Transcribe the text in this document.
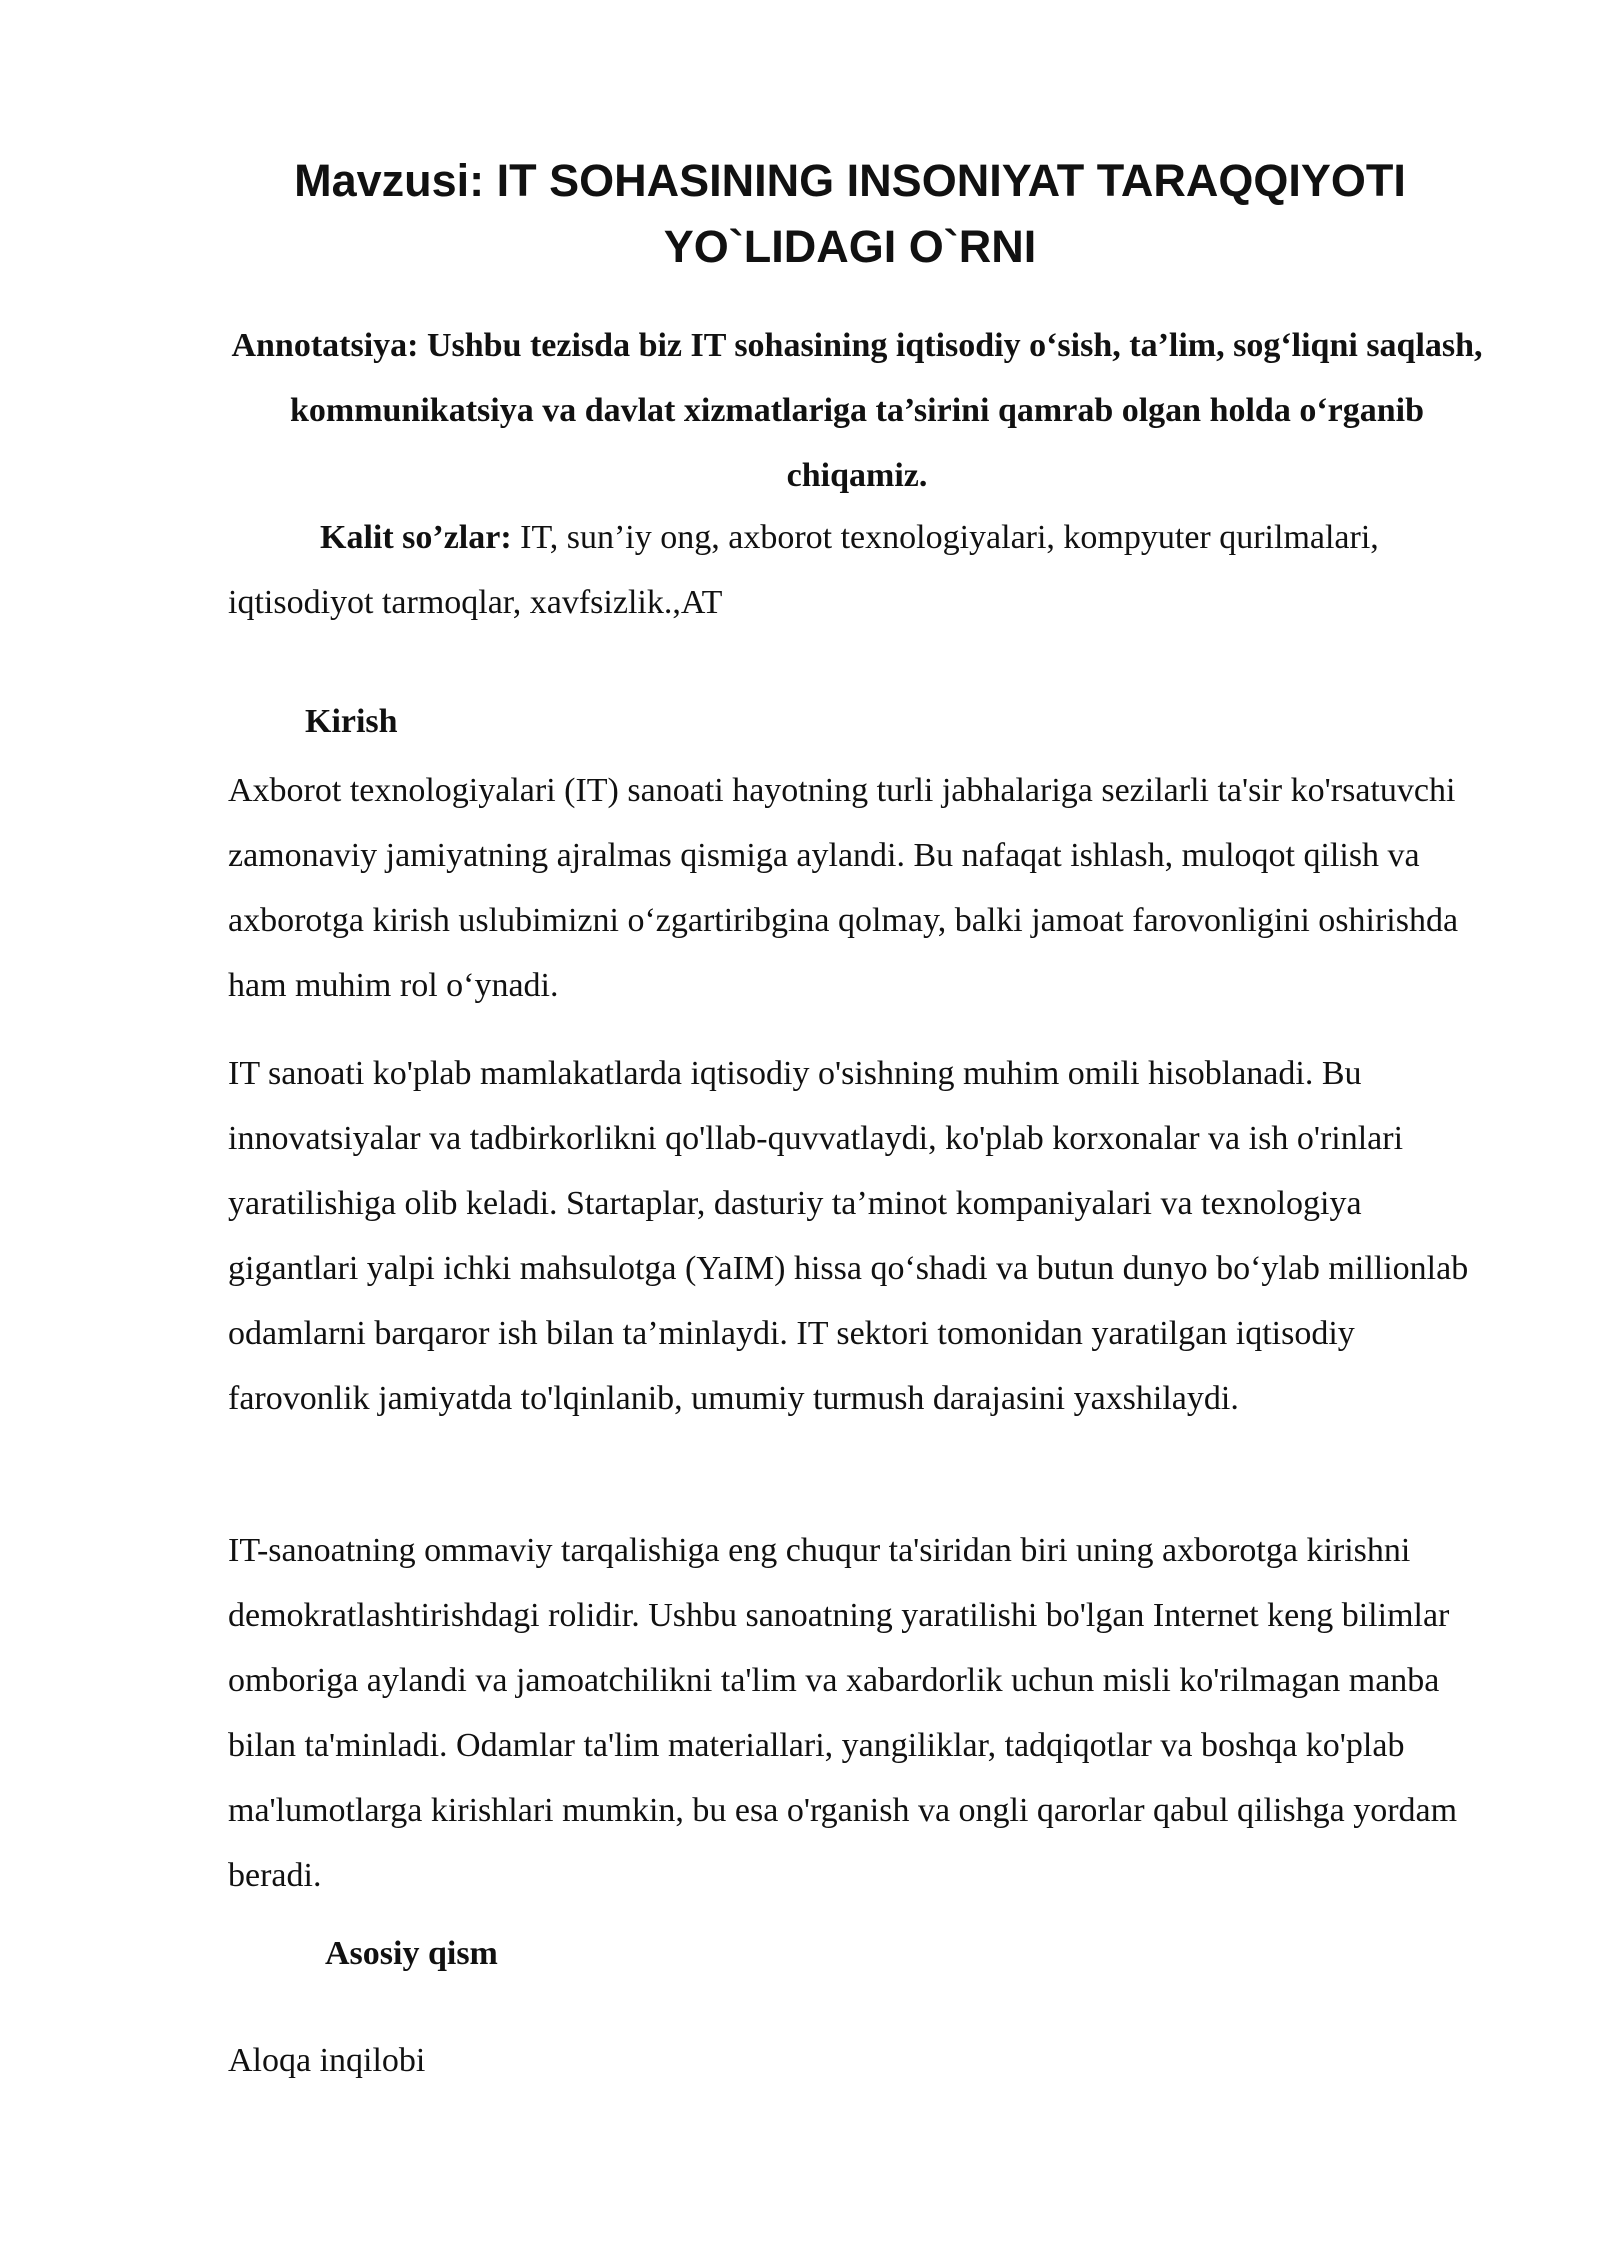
Mavzusi: IT SOHASINING INSONIYAT TARAQQIYOTI
YO`LIDAGI O`RNI

Annotatsiya: Ushbu tezisda biz IT sohasining iqtisodiy o‘sish, ta’lim, sog‘liqni saqlash, kommunikatsiya va davlat xizmatlariga ta’sirini qamrab olgan holda o‘rganib chiqamiz.

Kalit so’zlar: IT, sun’iy ong, axborot texnologiyalari, kompyuter qurilmalari, iqtisodiyot tarmoqlar, xavfsizlik.,AT

Kirish

Axborot texnologiyalari (IT) sanoati hayotning turli jabhalariga sezilarli ta'sir ko'rsatuvchi zamonaviy jamiyatning ajralmas qismiga aylandi. Bu nafaqat ishlash, muloqot qilish va axborotga kirish uslubimizni o‘zgartiribgina qolmay, balki jamoat farovonligini oshirishda ham muhim rol o‘ynadi.

IT sanoati ko'plab mamlakatlarda iqtisodiy o'sishning muhim omili hisoblanadi. Bu innovatsiyalar va tadbirkorlikni qo'llab-quvvatlaydi, ko'plab korxonalar va ish o'rinlari yaratilishiga olib keladi. Startaplar, dasturiy ta’minot kompaniyalari va texnologiya gigantlari yalpi ichki mahsulotga (YaIM) hissa qo‘shadi va butun dunyo bo‘ylab millionlab odamlarni barqaror ish bilan ta’minlaydi. IT sektori tomonidan yaratilgan iqtisodiy farovonlik jamiyatda to'lqinlanib, umumiy turmush darajasini yaxshilaydi.

IT-sanoatning ommaviy tarqalishiga eng chuqur ta'siridan biri uning axborotga kirishni demokratlashtirishdagi rolidir. Ushbu sanoatning yaratilishi bo'lgan Internet keng bilimlar omboriga aylandi va jamoatchilikni ta'lim va xabardorlik uchun misli ko'rilmagan manba bilan ta'minladi. Odamlar ta'lim materiallari, yangiliklar, tadqiqotlar va boshqa ko'plab ma'lumotlarga kirishlari mumkin, bu esa o'rganish va ongli qarorlar qabul qilishga yordam beradi.

Asosiy qism

Aloqa inqilobi
